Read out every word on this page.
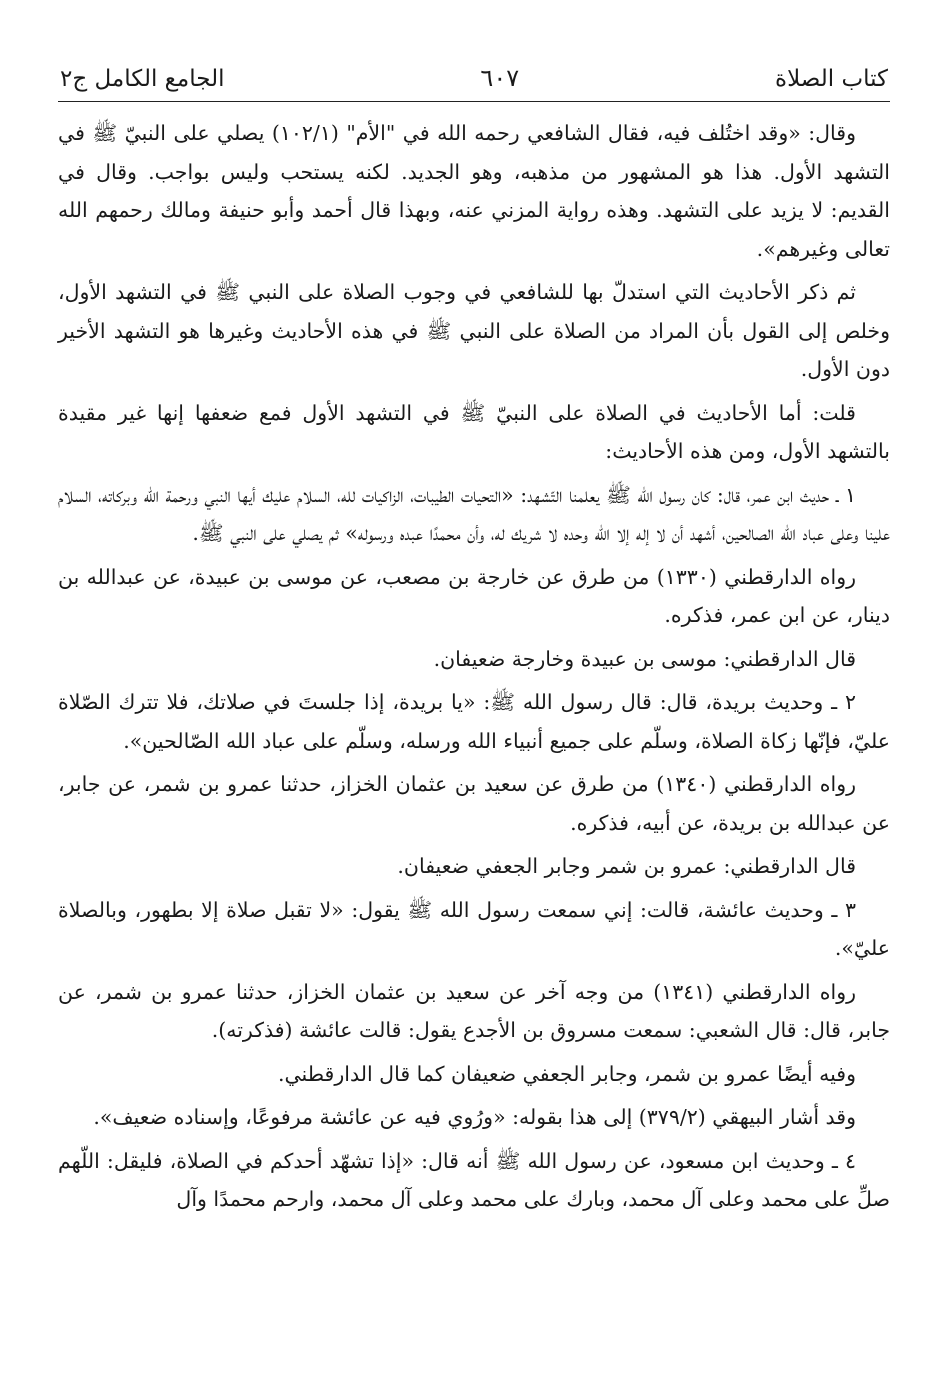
كتاب الصلاة
٦٠٧
الجامع الكامل ج٢

وقال: «وقد اختُلف فيه، فقال الشافعي رحمه الله في "الأم" (١٠٢/١) يصلي على النبيّ ﷺ في التشهد الأول. هذا هو المشهور من مذهبه، وهو الجديد. لكنه يستحب وليس بواجب. وقال في القديم: لا يزيد على التشهد. وهذه رواية المزني عنه، وبهذا قال أحمد وأبو حنيفة ومالك رحمهم الله تعالى وغيرهم».

ثم ذكر الأحاديث التي استدلّ بها للشافعي في وجوب الصلاة على النبي ﷺ في التشهد الأول، وخلص إلى القول بأن المراد من الصلاة على النبي ﷺ في هذه الأحاديث وغيرها هو التشهد الأخير دون الأول.

قلت: أما الأحاديث في الصلاة على النبيّ ﷺ في التشهد الأول فمع ضعفها إنها غير مقيدة بالتشهد الأول، ومن هذه الأحاديث:

١ ـ حديث ابن عمر، قال: كان رسول الله ﷺ يعلمنا التّشهد: «التحيات الطيبات، الزاكيات لله، السلام عليك أيها النبي ورحمة الله وبركاته، السلام علينا وعلى عباد الله الصالحين، أشهد أن لا إله إلا الله وحده لا شريك له، وأن محمدًا عبده ورسوله» ثم يصلي على النبي ﷺ.

رواه الدارقطني (١٣٣٠) من طرق عن خارجة بن مصعب، عن موسى بن عبيدة، عن عبدالله بن دينار، عن ابن عمر، فذكره.

قال الدارقطني: موسى بن عبيدة وخارجة ضعيفان.

٢ ـ وحديث بريدة، قال: قال رسول الله ﷺ: «يا بريدة، إذا جلستَ في صلاتك، فلا تترك الصّلاة عليّ، فإنّها زكاة الصلاة، وسلّم على جميع أنبياء الله ورسله، وسلّم على عباد الله الصّالحين».

رواه الدارقطني (١٣٤٠) من طرق عن سعيد بن عثمان الخزاز، حدثنا عمرو بن شمر، عن جابر، عن عبدالله بن بريدة، عن أبيه، فذكره.

قال الدارقطني: عمرو بن شمر وجابر الجعفي ضعيفان.

٣ ـ وحديث عائشة، قالت: إني سمعت رسول الله ﷺ يقول: «لا تقبل صلاة إلا بطهور، وبالصلاة عليّ».

رواه الدارقطني (١٣٤١) من وجه آخر عن سعيد بن عثمان الخزاز، حدثنا عمرو بن شمر، عن جابر، قال: قال الشعبي: سمعت مسروق بن الأجدع يقول: قالت عائشة (فذكرته).

وفيه أيضًا عمرو بن شمر، وجابر الجعفي ضعيفان كما قال الدارقطني.

وقد أشار البيهقي (٣٧٩/٢) إلى هذا بقوله: «ورُوي فيه عن عائشة مرفوعًا، وإسناده ضعيف».

٤ ـ وحديث ابن مسعود، عن رسول الله ﷺ أنه قال: «إذا تشهّد أحدكم في الصلاة، فليقل: اللّهم صلِّ على محمد وعلى آل محمد، وبارك على محمد وعلى آل محمد، وارحم محمدًا وآل
